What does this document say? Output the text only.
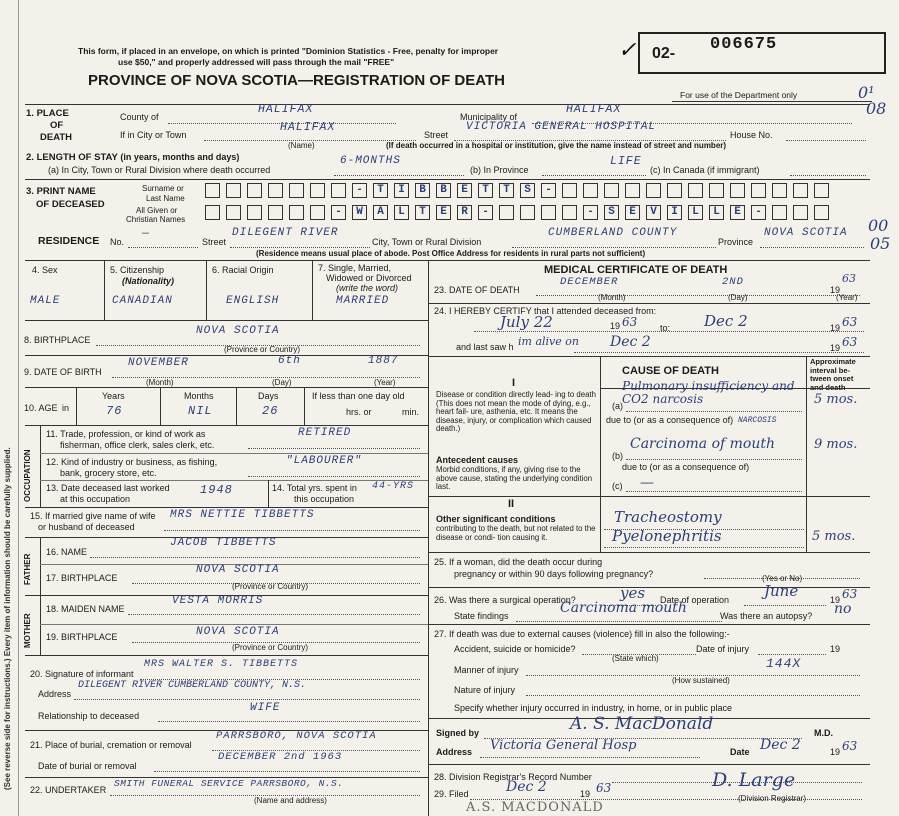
(See reverse side for instructions.) Every item of information should be carefully supplied.
This form, if placed in an envelope, on which is printed "Dominion Statistics - Free, penalty for improper
use $50," and properly addressed will pass through the mail "FREE"
PROVINCE OF NOVA SCOTIA—REGISTRATION OF DEATH
✓ 02- 006675
For use of the Department only	0¹
08
00
05
1. PLACE
OF
DEATH
County of
HALIFAX
Municipality of
HALIFAX
If in City or Town
HALIFAX
(Name)
Street
VICTORIA GENERAL HOSPITAL
House No.
(If death occurred in a hospital or institution, give the name instead of street and number)
2. LENGTH OF STAY (in years, months and days)
(a) In City, Town or Rural Division where death occurred
6-MONTHS
(b) In Province
LIFE
(c) In Canada (if immigrant)
3. PRINT NAME
OF DECEASED
Surname or
Last Name
All Given or
Christian Names
-	T	I	B	B	E	T	T	S	-
-	W	A	L	T	E	R	-	-	S	E	V	I	L	L	E	-
RESIDENCE No.
—
Street
DILEGENT RIVER
City, Town or Rural Division
CUMBERLAND COUNTY
Province
NOVA SCOTIA
(Residence means usual place of abode. Post Office Address for residents in rural parts not sufficient)
4. Sex
MALE
5. Citizenship
(Nationality)
CANADIAN
6. Racial Origin
ENGLISH
7. Single, Married,
Widowed or Divorced
(write the word)
MARRIED
8. BIRTHPLACE
NOVA SCOTIA
(Province or Country)
9. DATE OF BIRTH
NOVEMBER	6th	1887
(Month)	(Day)	(Year)
10. AGE in
Years
76
Months
NIL
Days
26
If less than one day old
hrs. or	min.
OCCUPATION
11. Trade, profession, or kind of work as
fisherman, office clerk, sales clerk, etc.
RETIRED
12. Kind of industry or business, as fishing,
bank, grocery store, etc.
"LABOURER"
13. Date deceased last worked
at this occupation
1948	14. Total yrs. spent in
this occupation
44-YRS
15. If married give name of wife
or husband of deceased
MRS NETTIE TIBBETTS
FATHER
16. NAME
JACOB TIBBETTS
17. BIRTHPLACE
NOVA SCOTIA
(Province or Country)
MOTHER
18. MAIDEN NAME
VESTA MORRIS
19. BIRTHPLACE	NOVA SCOTIA
(Province or Country)
20. Signature of informant
MRS WALTER S. TIBBETTS
Address
DILEGENT RIVER CUMBERLAND COUNTY, N.S.
Relationship to deceased
WIFE
21. Place of burial, cremation or removal
PARRSBORO, NOVA SCOTIA
Date of burial or removal
DECEMBER 2nd 1963
22. UNDERTAKER
SMITH FUNERAL SERVICE PARRSBORO, N.S.
(Name and address)
MEDICAL CERTIFICATE OF DEATH
23. DATE OF DEATH
DECEMBER	2ND
19
63
(Month)	(Day)	(Year)
24. I HEREBY CERTIFY that I attended deceased from:
July 22	19 63	to: Dec 2	19 63
and last saw h im alive on Dec 2	19 63
CAUSE OF DEATH
Approximate interval be- tween onset and death
I
Disease or condition directly lead- ing to death (This does not mean the mode of dying, e.g., heart fail- ure, asthenia, etc. It means the disease, injury, or complication which caused death.)
(a)
Pulmonary insufficiency and CO2 narcosis	5 mos.
due to (or as a consequence of) NARCOSIS
Antecedent causes
Morbid conditions, if any, giving rise to the above cause, stating the underlying condition last.
(b)
Carcinoma of mouth	9 mos.
due to (or as a consequence of)
(c) —
II
Other significant conditions
contributing to the death, but not related to the disease or condi- tion causing it.
Tracheostomy
Pyelonephritis	5 mos.
25. If a woman, did the death occur during
pregnancy or within 90 days following pregnancy?	(Yes or No)
26. Was there a surgical operation?	yes Date of operation June	19 63
State findings	Carcinoma mouth	Was there an autopsy? no
27. If death was due to external causes (violence) fill in also the following:-
Accident, suicide or homicide?
(State which)
Date of injury	19
Manner of injury	144X
(How sustained)
Nature of injury
Specify whether injury occurred in industry, in home, or in public place
Signed by	A. S. MacDonald	M.D.
Address Victoria General Hosp	Date Dec 2	19 63
28. Division Registrar's Record Number
29. Filed	Dec 2	19 63	D. Large
(Division Registrar)
A.S. MACDONALD
